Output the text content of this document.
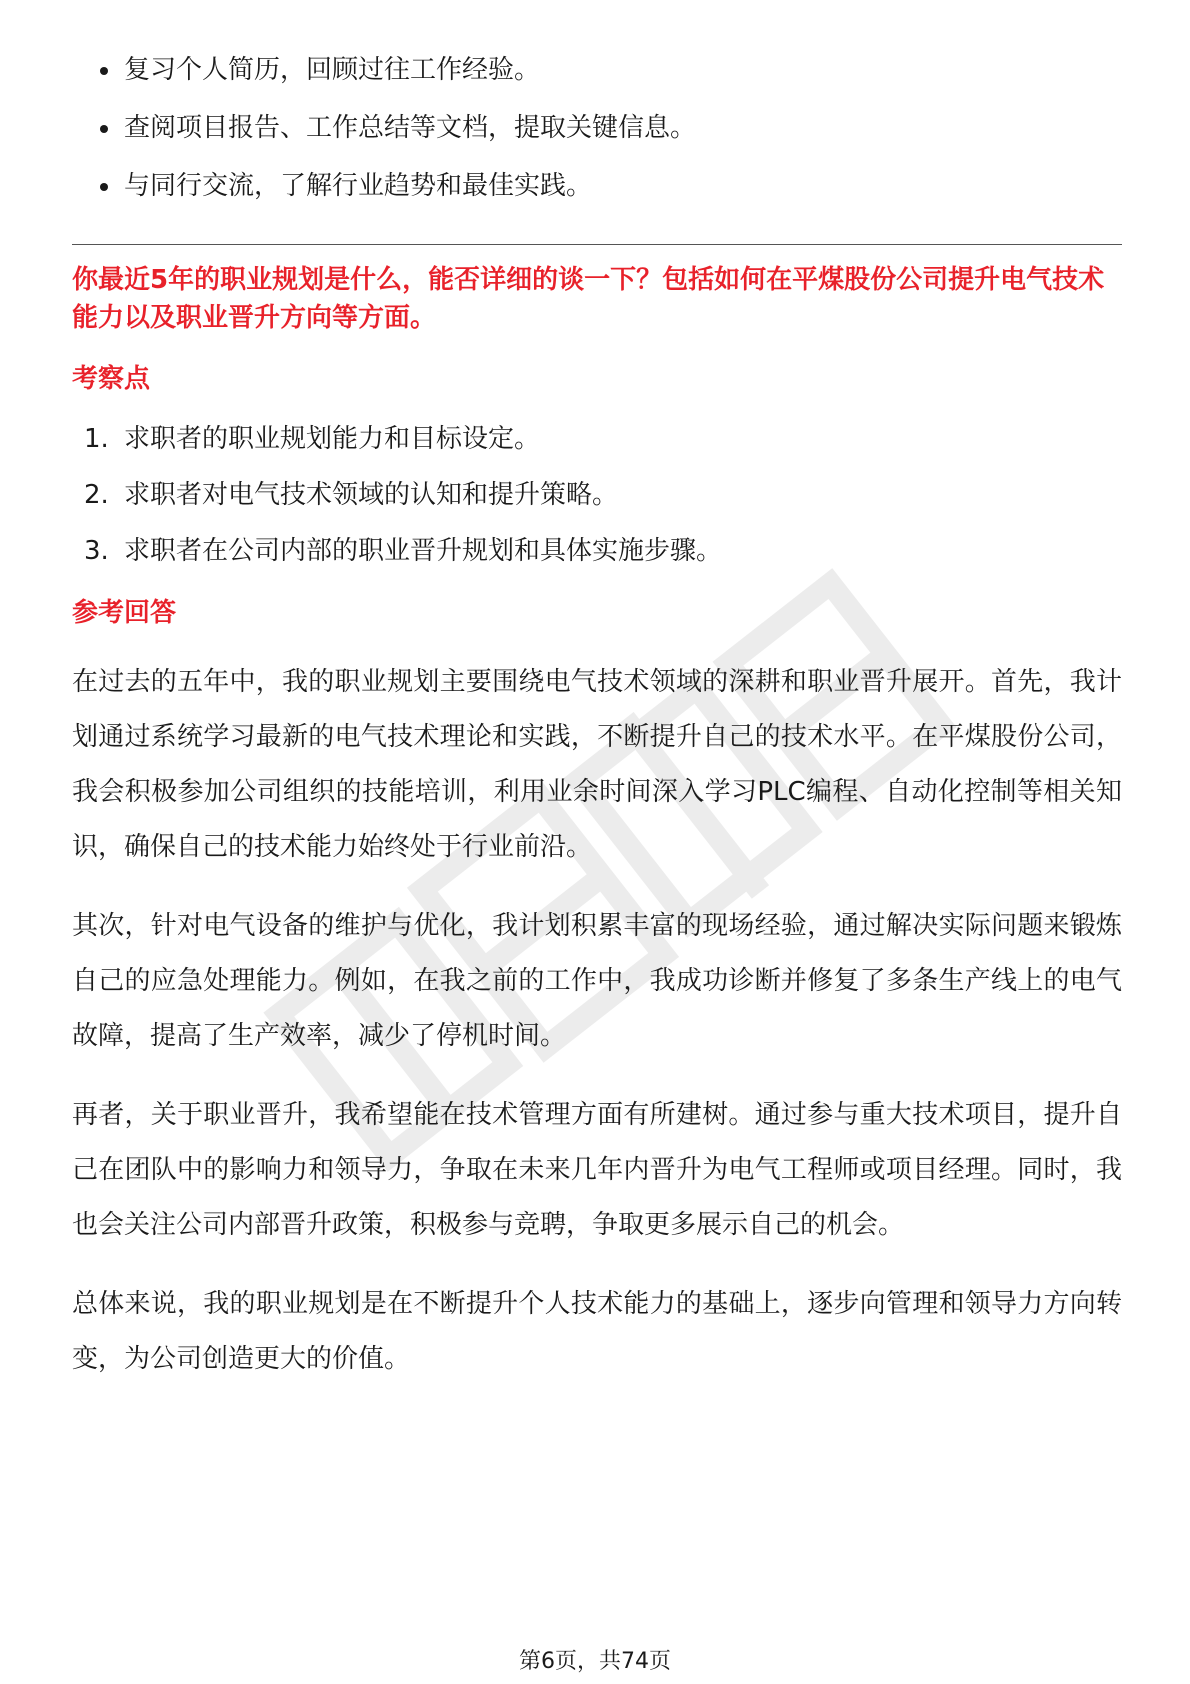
复习个人简历，回顾过往工作经验。
查阅项目报告、工作总结等文档，提取关键信息。
与同行交流，了解行业趋势和最佳实践。
你最近5年的职业规划是什么，能否详细的谈一下？包括如何在平煤股份公司提升电气技术能力以及职业晋升方向等方面。
考察点
1. 求职者的职业规划能力和目标设定。
2. 求职者对电气技术领域的认知和提升策略。
3. 求职者在公司内部的职业晋升规划和具体实施步骤。
参考回答

在过去的五年中，我的职业规划主要围绕电气技术领域的深耕和职业晋升展开。首先，我计划通过系统学习最新的电气技术理论和实践，不断提升自己的技术水平。在平煤股份公司，我会积极参加公司组织的技能培训，利用业余时间深入学习PLC编程、自动化控制等相关知识，确保自己的技术能力始终处于行业前沿。

其次，针对电气设备的维护与优化，我计划积累丰富的现场经验，通过解决实际问题来锻炼自己的应急处理能力。例如，在我之前的工作中，我成功诊断并修复了多条生产线上的电气故障，提高了生产效率，减少了停机时间。

再者，关于职业晋升，我希望能在技术管理方面有所建树。通过参与重大技术项目，提升自己在团队中的影响力和领导力，争取在未来几年内晋升为电气工程师或项目经理。同时，我也会关注公司内部晋升政策，积极参与竞聘，争取更多展示自己的机会。

总体来说，我的职业规划是在不断提升个人技术能力的基础上，逐步向管理和领导力方向转变，为公司创造更大的价值。

第6页，共74页
